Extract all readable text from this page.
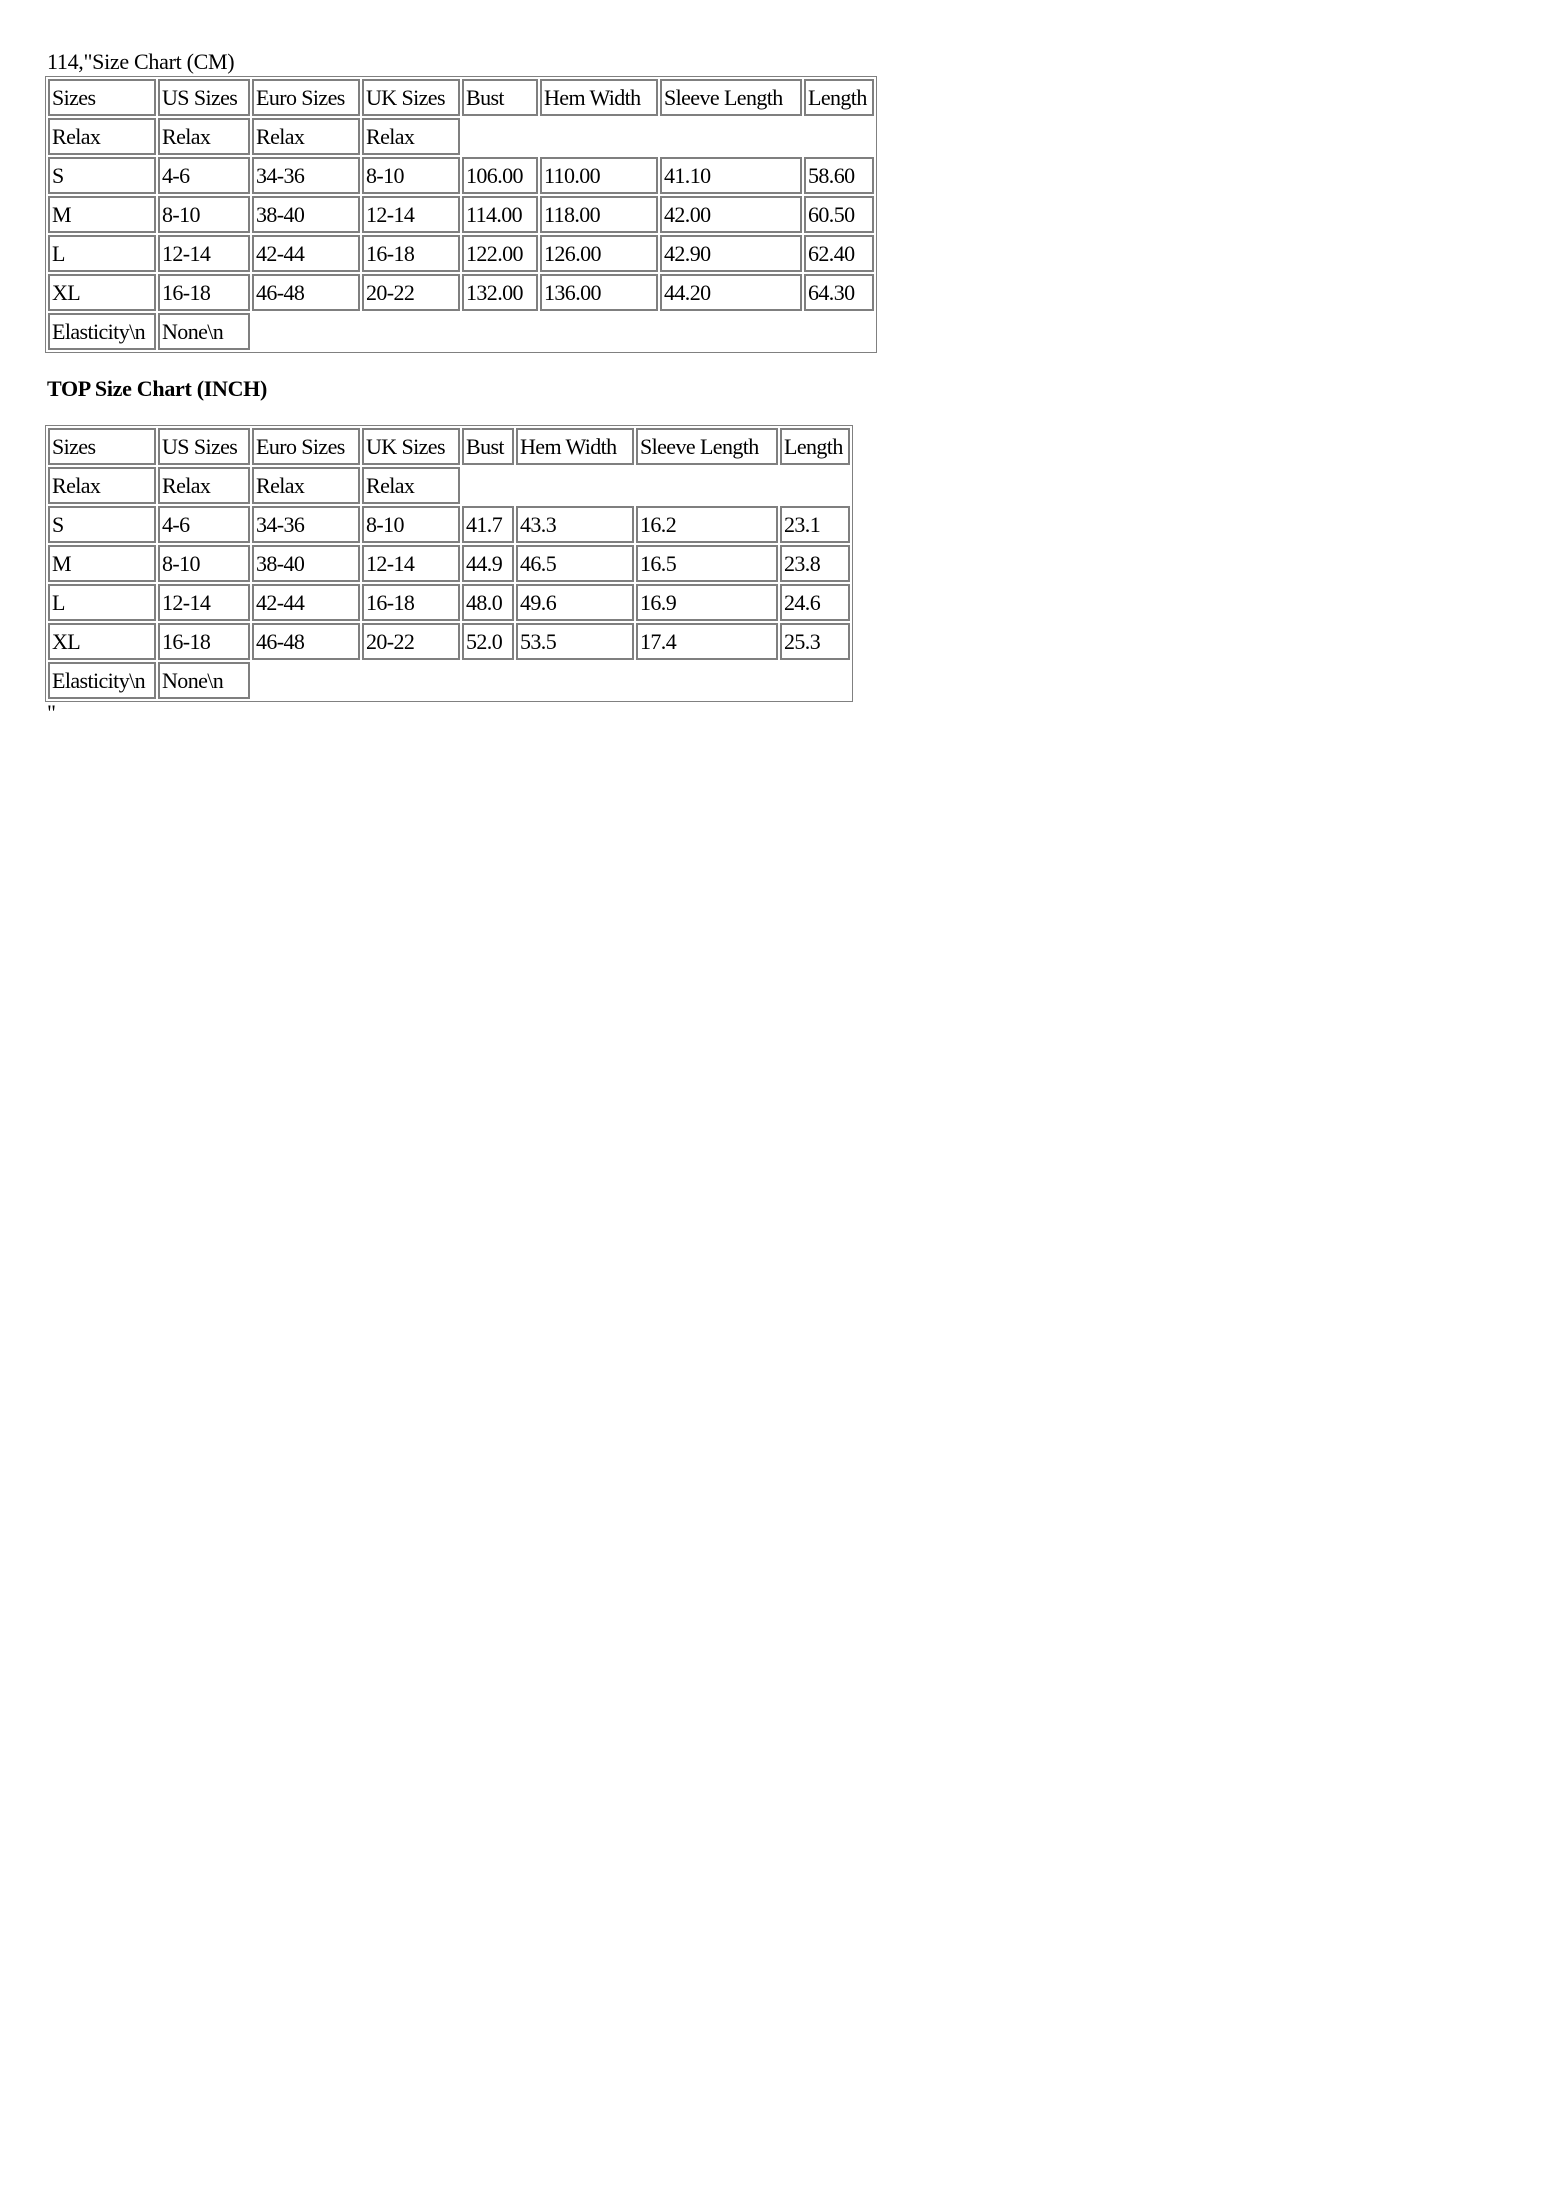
114,"Size Chart (CM)

Sizes	US Sizes	Euro Sizes	UK Sizes	Bust	Hem Width	Sleeve Length	Length
Relax	Relax	Relax	Relax				
S	4-6	34-36	8-10	106.00	110.00	41.10	58.60
M	8-10	38-40	12-14	114.00	118.00	42.00	60.50
L	12-14	42-44	16-18	122.00	126.00	42.90	62.40
XL	16-18	46-48	20-22	132.00	136.00	44.20	64.30
Elasticity\n	None\n						

TOP Size Chart (INCH)

Sizes	US Sizes	Euro Sizes	UK Sizes	Bust	Hem Width	Sleeve Length	Length
Relax	Relax	Relax	Relax				
S	4-6	34-36	8-10	41.7	43.3	16.2	23.1
M	8-10	38-40	12-14	44.9	46.5	16.5	23.8
L	12-14	42-44	16-18	48.0	49.6	16.9	24.6
XL	16-18	46-48	20-22	52.0	53.5	17.4	25.3
Elasticity\n	None\n						

"
